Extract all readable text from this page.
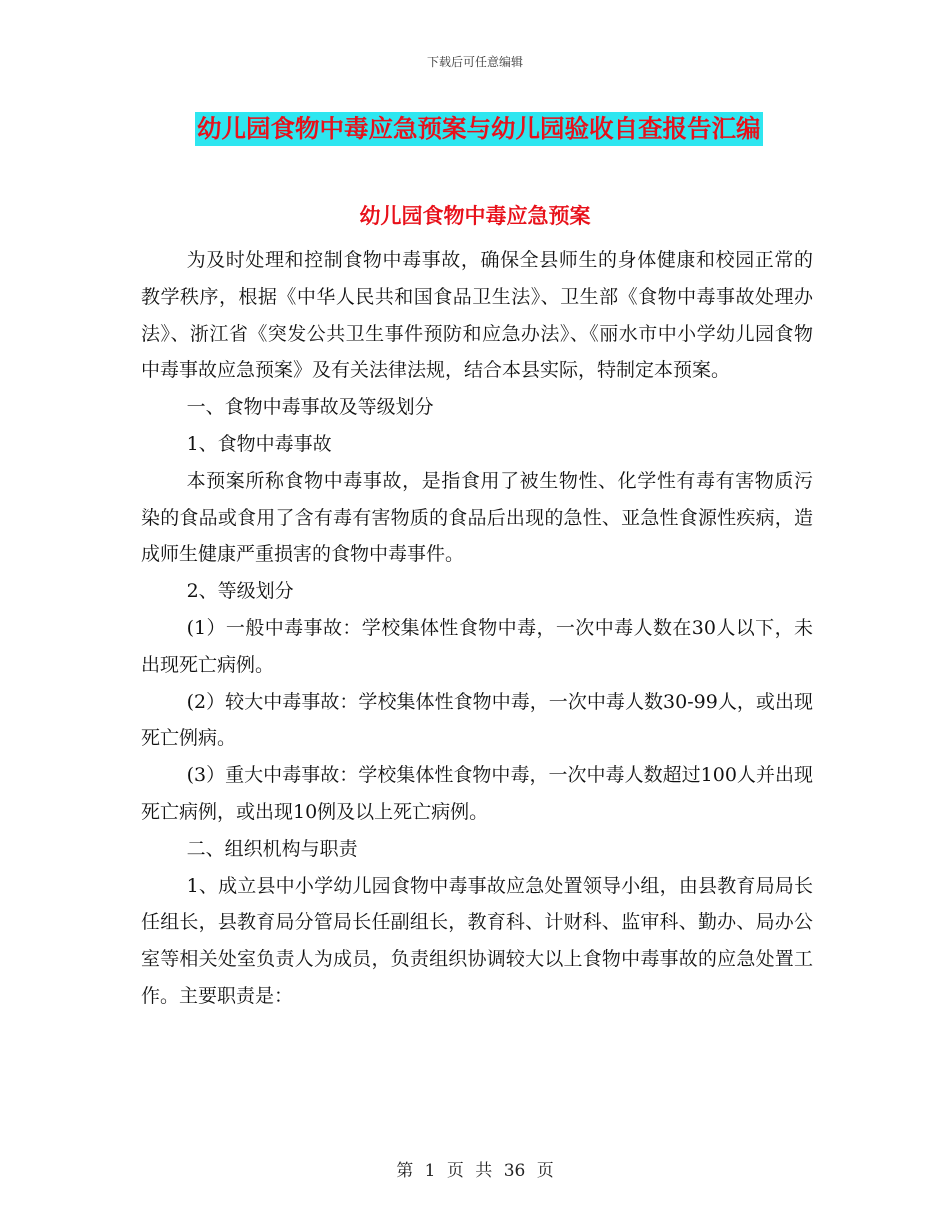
下载后可任意编辑
幼儿园食物中毒应急预案与幼儿园验收自查报告汇编
幼儿园食物中毒应急预案

为及时处理和控制食物中毒事故，确保全县师生的身体健康和校园正常的教学秩序，根据《中华人民共和国食品卫生法》、卫生部《食物中毒事故处理办法》、浙江省《突发公共卫生事件预防和应急办法》、《丽水市中小学幼儿园食物中毒事故应急预案》及有关法律法规，结合本县实际，特制定本预案。

一、食物中毒事故及等级划分

1、食物中毒事故

本预案所称食物中毒事故，是指食用了被生物性、化学性有毒有害物质污染的食品或食用了含有毒有害物质的食品后出现的急性、亚急性食源性疾病，造成师生健康严重损害的食物中毒事件。

2、等级划分

(1）一般中毒事故：学校集体性食物中毒，一次中毒人数在30人以下，未出现死亡病例。

(2）较大中毒事故：学校集体性食物中毒，一次中毒人数30-99人，或出现死亡例病。

(3）重大中毒事故：学校集体性食物中毒，一次中毒人数超过100人并出现死亡病例，或出现10例及以上死亡病例。

二、组织机构与职责

1、成立县中小学幼儿园食物中毒事故应急处置领导小组，由县教育局局长任组长，县教育局分管局长任副组长，教育科、计财科、监审科、勤办、局办公室等相关处室负责人为成员，负责组织协调较大以上食物中毒事故的应急处置工作。主要职责是：

第 1 页 共 36 页
